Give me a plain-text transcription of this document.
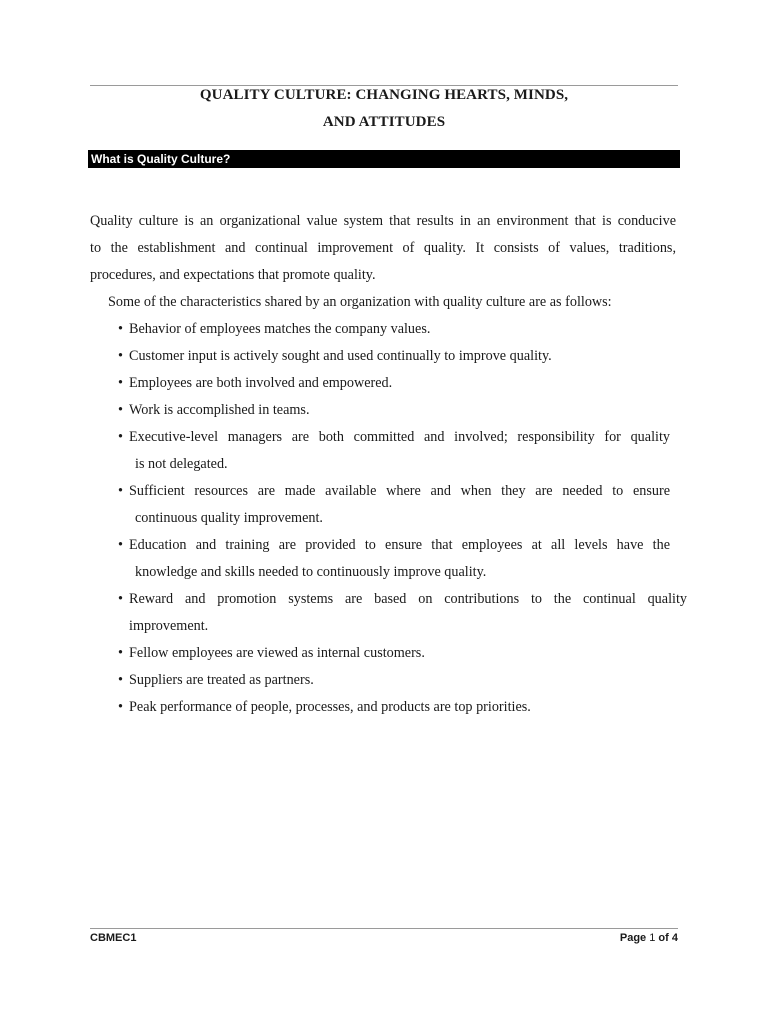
QUALITY CULTURE: CHANGING HEARTS, MINDS,
AND ATTITUDES
What is Quality Culture?
Quality culture is an organizational value system that results in an environment that is conducive
to the establishment and continual improvement of quality. It consists of values, traditions,
procedures, and expectations that promote quality.
Some of the characteristics shared by an organization with quality culture are as follows:
• Behavior of employees matches the company values.
• Customer input is actively sought and used continually to improve quality.
• Employees are both involved and empowered.
• Work is accomplished in teams.
• Executive-level managers are both committed and involved; responsibility for quality
is not delegated.
• Sufficient resources are made available where and when they are needed to ensure
continuous quality improvement.
• Education and training are provided to ensure that employees at all levels have the
knowledge and skills needed to continuously improve quality.
• Reward and promotion systems are based on contributions to the continual quality
improvement.
• Fellow employees are viewed as internal customers.
• Suppliers are treated as partners.
• Peak performance of people, processes, and products are top priorities.
CBMEC1	Page 1 of 4
